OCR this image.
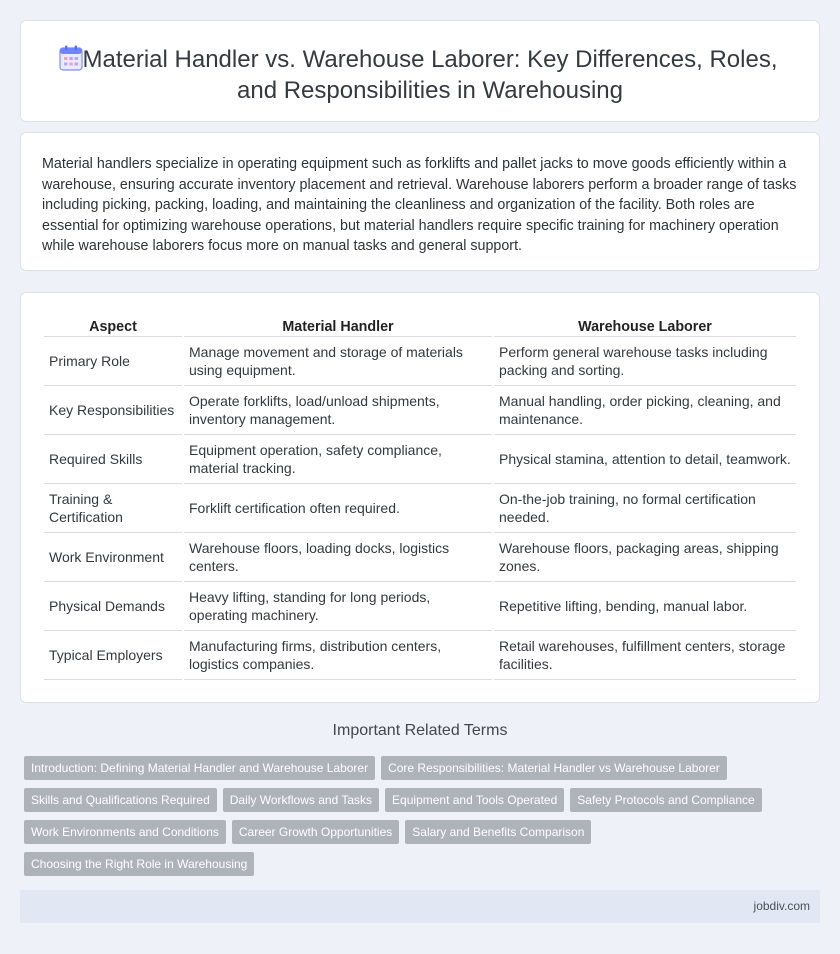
Material Handler vs. Warehouse Laborer: Key Differences, Roles, and Responsibilities in Warehousing

Material handlers specialize in operating equipment such as forklifts and pallet jacks to move goods efficiently within a warehouse, ensuring accurate inventory placement and retrieval. Warehouse laborers perform a broader range of tasks including picking, packing, loading, and maintaining the cleanliness and organization of the facility. Both roles are essential for optimizing warehouse operations, but material handlers require specific training for machinery operation while warehouse laborers focus more on manual tasks and general support.

Aspect	Material Handler	Warehouse Laborer
Primary Role	Manage movement and storage of materials using equipment.	Perform general warehouse tasks including packing and sorting.
Key Responsibilities	Operate forklifts, load/unload shipments, inventory management.	Manual handling, order picking, cleaning, and maintenance.
Required Skills	Equipment operation, safety compliance, material tracking.	Physical stamina, attention to detail, teamwork.
Training & Certification	Forklift certification often required.	On-the-job training, no formal certification needed.
Work Environment	Warehouse floors, loading docks, logistics centers.	Warehouse floors, packaging areas, shipping zones.
Physical Demands	Heavy lifting, standing for long periods, operating machinery.	Repetitive lifting, bending, manual labor.
Typical Employers	Manufacturing firms, distribution centers, logistics companies.	Retail warehouses, fulfillment centers, storage facilities.
Important Related Terms
Introduction: Defining Material Handler and Warehouse Laborer	Core Responsibilities: Material Handler vs Warehouse Laborer
Skills and Qualifications Required	Daily Workflows and Tasks	Equipment and Tools Operated	Safety Protocols and Compliance
Work Environments and Conditions	Career Growth Opportunities	Salary and Benefits Comparison
Choosing the Right Role in Warehousing
jobdiv.com
